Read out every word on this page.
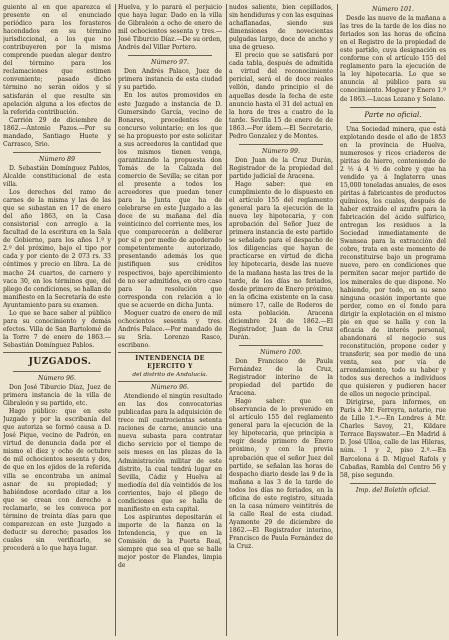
guiente al en que aparezca el presente en el enunciado periódico para los forasteros hacendados en su término jurisdiccional, a los que no contribuyeren por la misma comprende puedan alegar dentro del término para los reclamaciones que estimen conveniente; pasado dicho término no serán oídos y sí satisfarán el que resulte sin apelación alguna a los efectos de la referida contribución.

Carrión 29 de diciembre de 1862.—Antonio Pazos.—Por su mandado, Santiago Huete y Carrasco, Srio.

Número 89

D. Sebastián Domínguez Pablos, Alcalde constitucional de esta villa.

Los derechos del ramo de carnes de la misma y las de las que se subastan en 17 de enero del año 1863, en la Casa consistorial con arreglo a la facultad de la escritura en la Sala de Gobierno, para los años 1.º y 2.º del próximo, bajo el tipo por cada y por ciento de 2 073 rs. 33 céntimos y precio en libra. La de macho 24 cuartos, de carnero y vaca 30, en los términos que, del pliego de condiciones, se hallan de manifiesto en la Secretaría de este Ayuntamiento para su examen.

Lo que se hace saber al público para su conocimiento y demás efectos. Villa de San Bartolomé de la Torre 7 de enero de 1863.—Sebastián Domínguez Pablos.

JUZGADOS.

Número 96.

Don José Tiburcio Díaz, Juez de primera instancia de la villa de Gibraleón y su partido, etc.

Hago público: que en este Juzgado y por la escribanía del que autoriza se formó causa a D. José Pique, vecino de Padrón, en virtud de denuncia dada por el mismo el diez y ocho de octubre de mil ochocientos sesenta y dos, de que en los ejidos de la referida villa se encontraba un animal asnar de su propiedad; y habiéndose acordado citar a los que se crean con derecho a reclamarlo, se les convoca por término de treinta días para que comparezcan en este Juzgado a deducir su derecho; pasados los cuales sin verificarlo, se procederá a lo que haya lugar.

Huelva, y lo parará el perjuicio que haya lugar. Dado en la villa de Gibraleón a ocho de enero de mil ochocientos sesenta y tres.—José Tiburcio Díaz.—De su orden, Andrés del Villar Portero.

Número 97.

Don Andrés Palace, Juez de primera instancia de esta ciudad y su partido.

En los autos promovidos en este Juzgado a instancia de D. Gumersindo García, vecino de Bonares, procedentes de concurso voluntario; en los que se ha propuesto por este solicitar a sus acreedores la cantidad que los mismos tienen venga, garantizando la propuesta don Tomás de la Calzada del comercio de Sevilla; se citan por el presente a todos los acreedores que puedan tener para la Junta que ha de celebrarse en este Juzgado a las doce de su mañana del día veinticinco del corriente mes, los que comparecerán a deliberar por sí o por medio de apoderado competentemente autorizado, presentando además los que justifiquen sus créditos respectivos, bajo apercibimiento de no ser admitidos, en otro caso para la resolución que corresponda con relación a lo que se acuerde en dicha Junta.

Moguer cuatro de enero de mil ochocientos sesenta y tres. Andrés Palace.—Por mandado de su Sría. Lorenzo Rasco, escribano.

INTENDENCIA DE EJERCITO Y

del distrito de Andalucía.

Número 96.

Atendiendo el ningún resultado en las dos convocatorias publicadas para la adquisición de trece mil cuatrocientas setenta raciones de carne, anuncio una nueva subasta para contratar dicho servicio por el tiempo de seis meses en las plazas de la Administración militar de este distrito, la cual tendrá lugar en Sevilla, Cádiz y Huelva al mediodía del día veintidós de los corrientes, bajo el pliego de condiciones que se halla de manifiesto en esta capital.

Los aspirantes depositarán el importe de la fianza en la Intendencia, y que en la Comisión de la Puerta Real, siempre que sea el que se halle mejor postor de Flandes, limpia de

nudos saliente, bien cepillados, sin hendiduras y con las esquinas achaflanadas, siendo sus dimensiones de novecientas pulgadas largo, doce de ancho y una de grueso.

El precio que se satisfará por cada tabla, después de admitida a virtud del reconocimiento pericial, será el de doce reales vellón, dando principio el de aquellas desde la fecha de este anuncio hasta el 31 del actual en la hora de tres a cuatro de la tarde. Sevilla 15 de enero de de 1863.—Por ídem.—El Secretario, Pedro Gonzalez y de Montes.

Número 99.

Don Juan de la Cruz Durán, Registrador de la propiedad del partido judicial de Aracena.

Hago saber: que en cumplimiento de lo dispuesto en el artículo 155 del reglamento general para la ejecución de la nueva ley hipotecaria, y con aprobación del Señor Juez de primera instancia de este partido se señalado para el despacho de los diligencias que hayan de practicarse en virtud de dicha ley hipotecaria, desde las nueve de la mañana hasta las tres de la tarde, de los días no feriados, desde primero de Enero próximo, en la oficina existente en la casa número 17, calle de Roderos de esta población. Aracena diciembre 24 de 1862.—El Registrador, Juan de la Cruz Durán.

Número 100.

Don Francisco de Paula Fernández de la Cruz, Registrador interino de la propiedad del partido de Aracena.

Hago saber: que en observancia de lo prevenido en el artículo 155 del reglamento general para la ejecución de la ley hipotecaria, que principia a regir desde primero de Enero próximo, y con la previa aprobación que el señor Juez del partido, se señalan las horas de despacho diario desde las 9 de la mañana a las 3 de la tarde de todos los días no feriados, en la oficina de este registro, situada en la casa número veintitrés de la calle Real de esta ciudad. Ayamonte 29 de diciembre de 1862.—El Registrador interino, Francisco de Paula Fernández de la Cruz.

Número 101.

Desde las nueve de la mañana a las tres de la tarde de los días no feriados son las horas de oficina en el Registro de la propiedad de este partido, cuya designación es conforme con el artículo 155 del reglamento para la ejecución de la ley hipotecaria. Lo que se anuncia al público para su conocimiento. Moguer y Enero 1.º de 1863.—Lucas Lozano y Solano.

Parte no oficial.

Una Sociedad minera, que está explotando desde el año de 1853 en la provincia de Huelva, numerosos y ricos criaderos de piritas de hierro, conteniendo de 2 ½ á 4 ½ de cobre y que ha vendido ya á Inglaterra unas 15,000 toneladas anuales, de esos piritas á fabricantes de productos químicos, los cuales, después de haber extraído el azufre para la fabricación del ácido sulfúrico, entregan los residuos a la Sociedad inmediatamente de Swansea para la extracción del cobre, trata en este momento de reconstituirse bajo un programa nuevo, pero en condiciones que permiten sacar mejor partido de los minerales de que dispone. No habiendo, por todo, en su seno ninguna ocasión importante que perder, como en el fondo para dirigir la explotación en el mismo pie en que se halla y con la eficacia de interés personal, abandonará el negocio sus reconstitución, propone ceder y transferir, sea por medio de una venta, sea por vía de arrendamiento, todo su haber y todos sus derechos a individuos que quisieren y pudieren hacer de ellos un negocio principal.

Dirigirse, para informes, en París á Mr. Ferreyra, notario, rue de Lille 1.ª.—En Londres á Mr. Charles Savoy, 21, Kildare Terrace Bayswater.—En Madrid á D. José Ulloa, calle de las Hileras, núm. 1 y 2, piso 2.º.—En Barcelona á D. Miguel Rafols y Cabañas, Rambla del Centro 56 y 58, piso segundo.

Imp. del Boletín oficial.
